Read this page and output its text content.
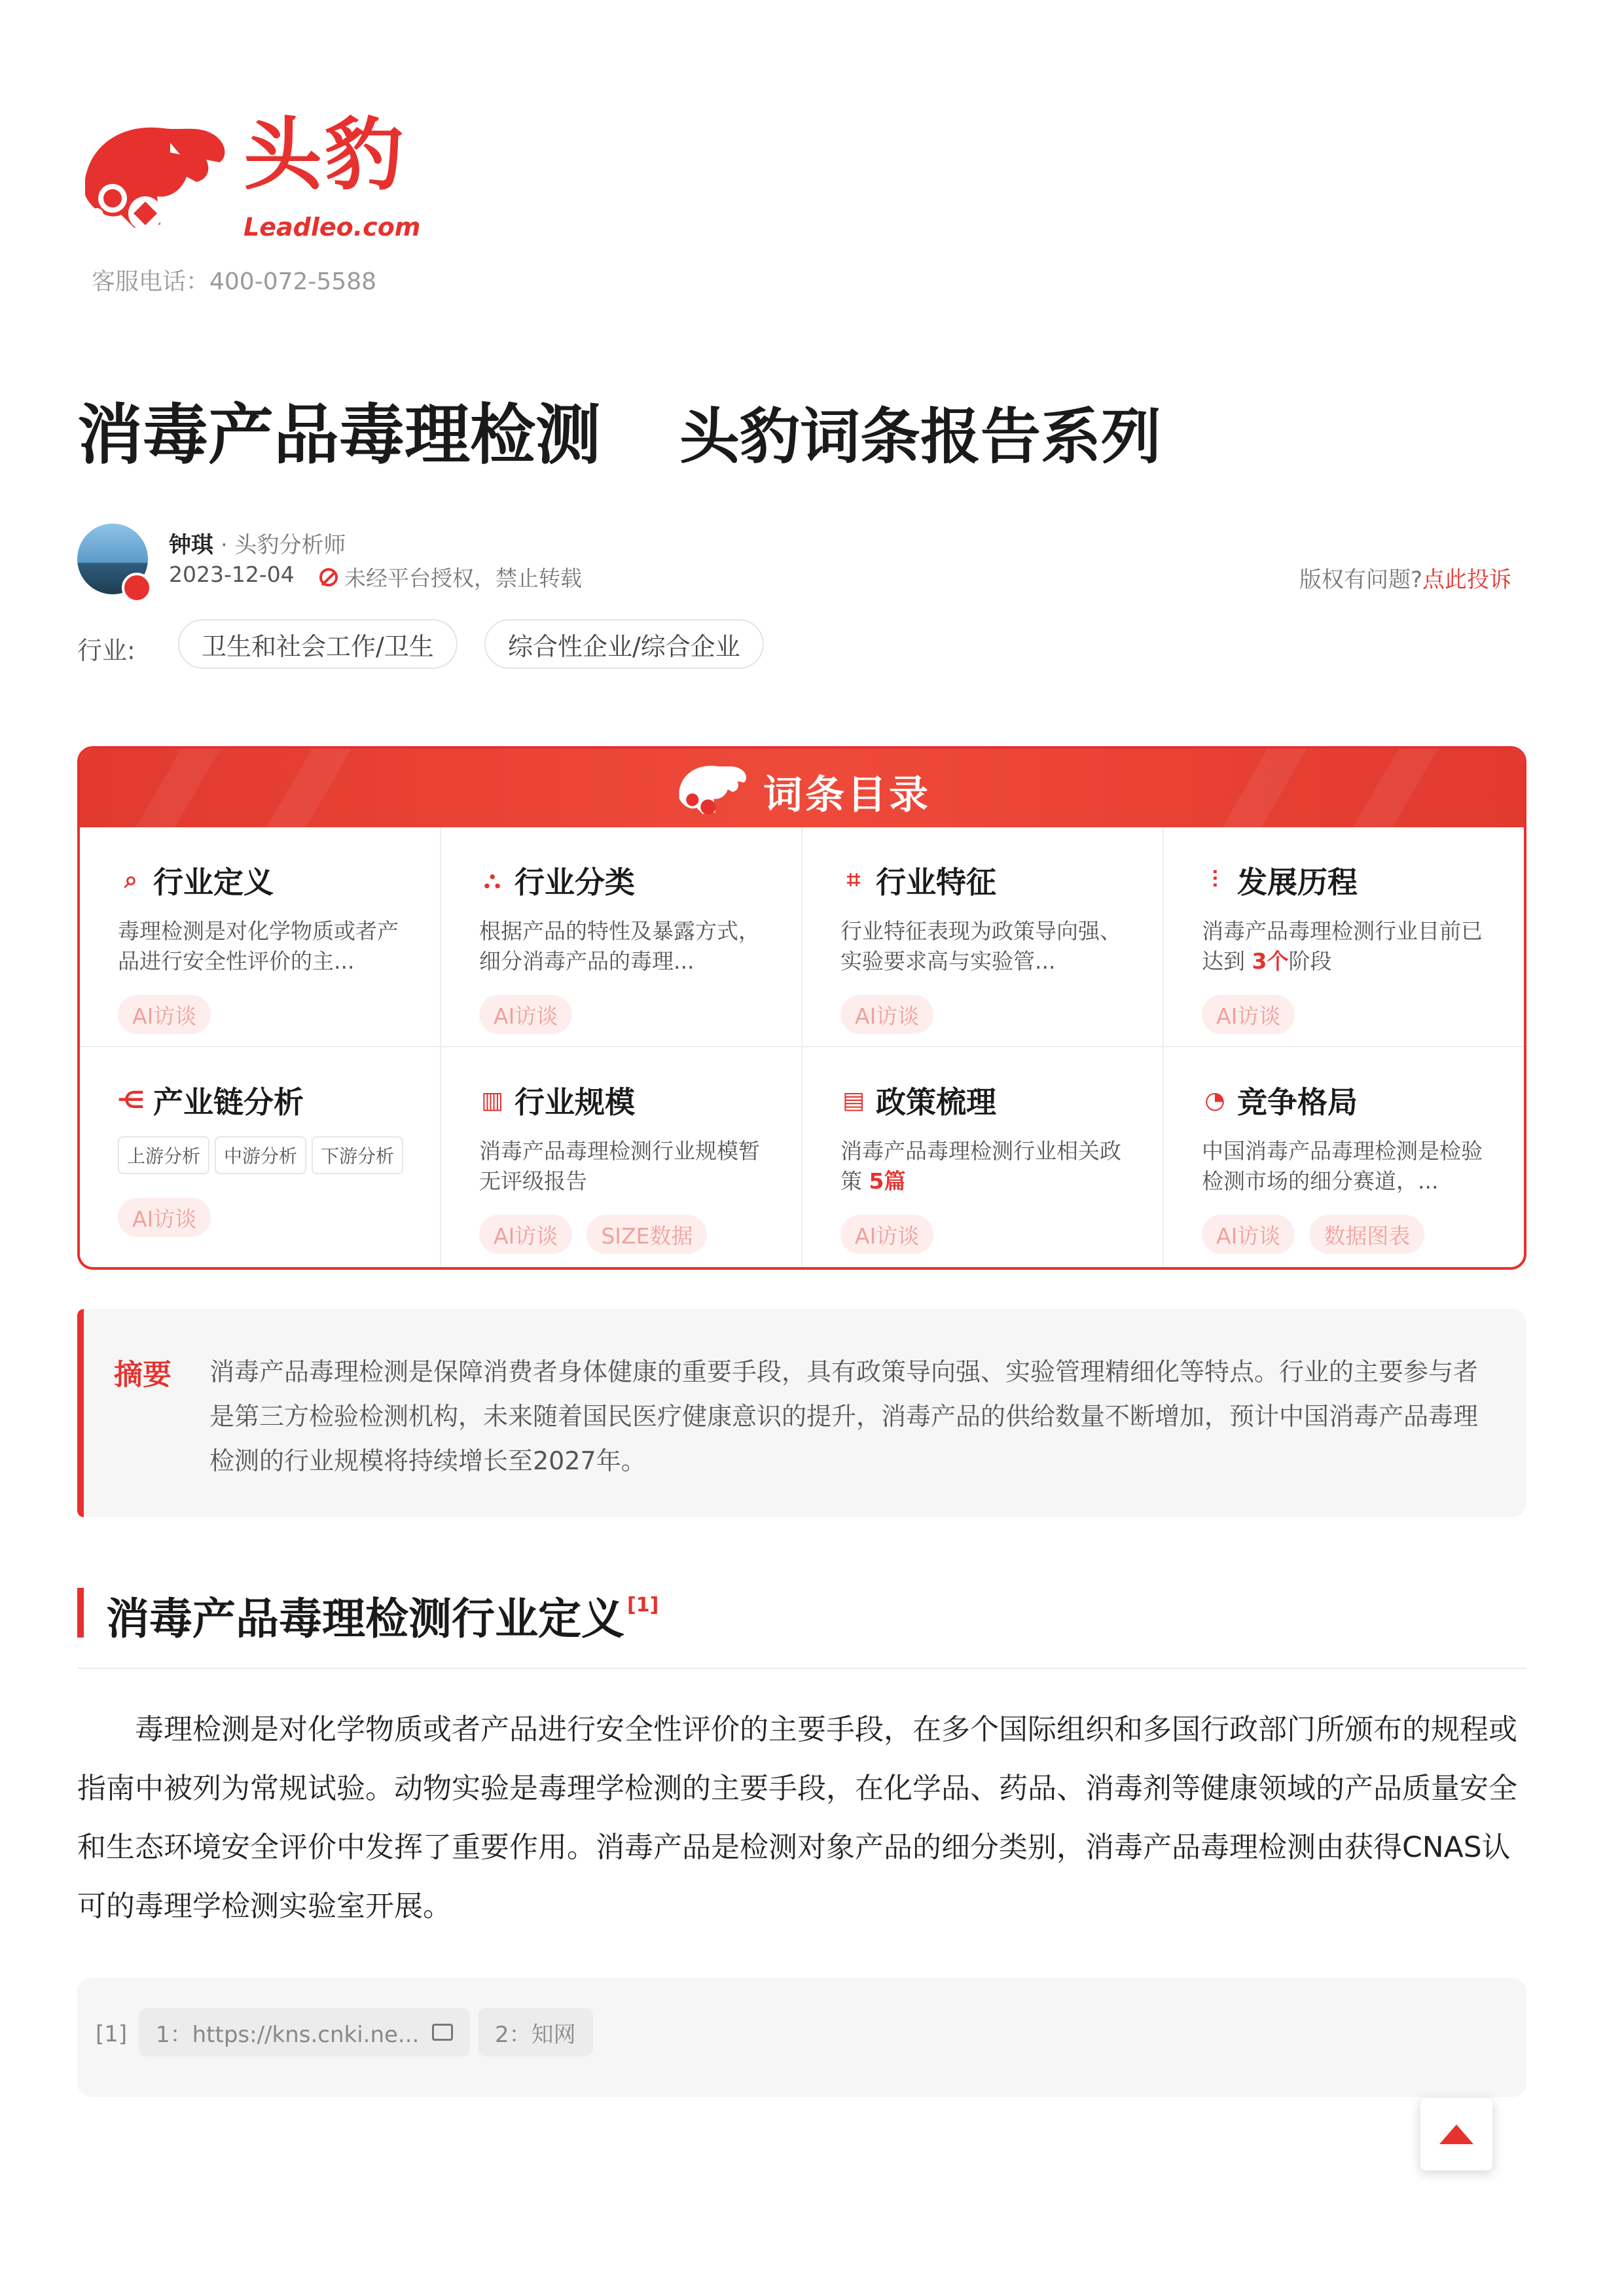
头豹
Leadleo.com
客服电话：400-072-5588
消毒产品毒理检测 头豹词条报告系列
钟琪 · 头豹分析师
2023-12-04 未经平台授权，禁止转载	版权有问题?点此投诉
行业:	卫生和社会工作/卫生	综合性企业/综合企业
词条目录
⌕ 行业定义
毒理检测是对化学物质或者产品进行安全性评价的主...
AI访谈
⛬ 行业分类
根据产品的特性及暴露方式，细分消毒产品的毒理...
AI访谈
⌗ 行业特征
行业特征表现为政策导向强、实验要求高与实验管...
AI访谈
⫶ 发展历程
消毒产品毒理检测行业目前已达到 3个阶段
AI访谈
⋲ 产业链分析
上游分析	中游分析	下游分析
AI访谈
▥ 行业规模
消毒产品毒理检测行业规模暂无评级报告
AI访谈	SIZE数据
▤ 政策梳理
消毒产品毒理检测行业相关政策 5篇
AI访谈
◔ 竞争格局
中国消毒产品毒理检测是检验检测市场的细分赛道，...
AI访谈	数据图表
摘要 消毒产品毒理检测是保障消费者身体健康的重要手段，具有政策导向强、实验管理精细化等特点。行业的主要参与者是第三方检验检测机构，未来随着国民医疗健康意识的提升，消毒产品的供给数量不断增加，预计中国消毒产品毒理检测的行业规模将持续增长至2027年。
消毒产品毒理检测行业定义 [1]
毒理检测是对化学物质或者产品进行安全性评价的主要手段，在多个国际组织和多国行政部门所颁布的规程或指南中被列为常规试验。动物实验是毒理学检测的主要手段，在化学品、药品、消毒剂等健康领域的产品质量安全和生态环境安全评价中发挥了重要作用。消毒产品是检测对象产品的细分类别，消毒产品毒理检测由获得CNAS认可的毒理学检测实验室开展。
[1] 1：https://kns.cnki.ne...	2：知网
